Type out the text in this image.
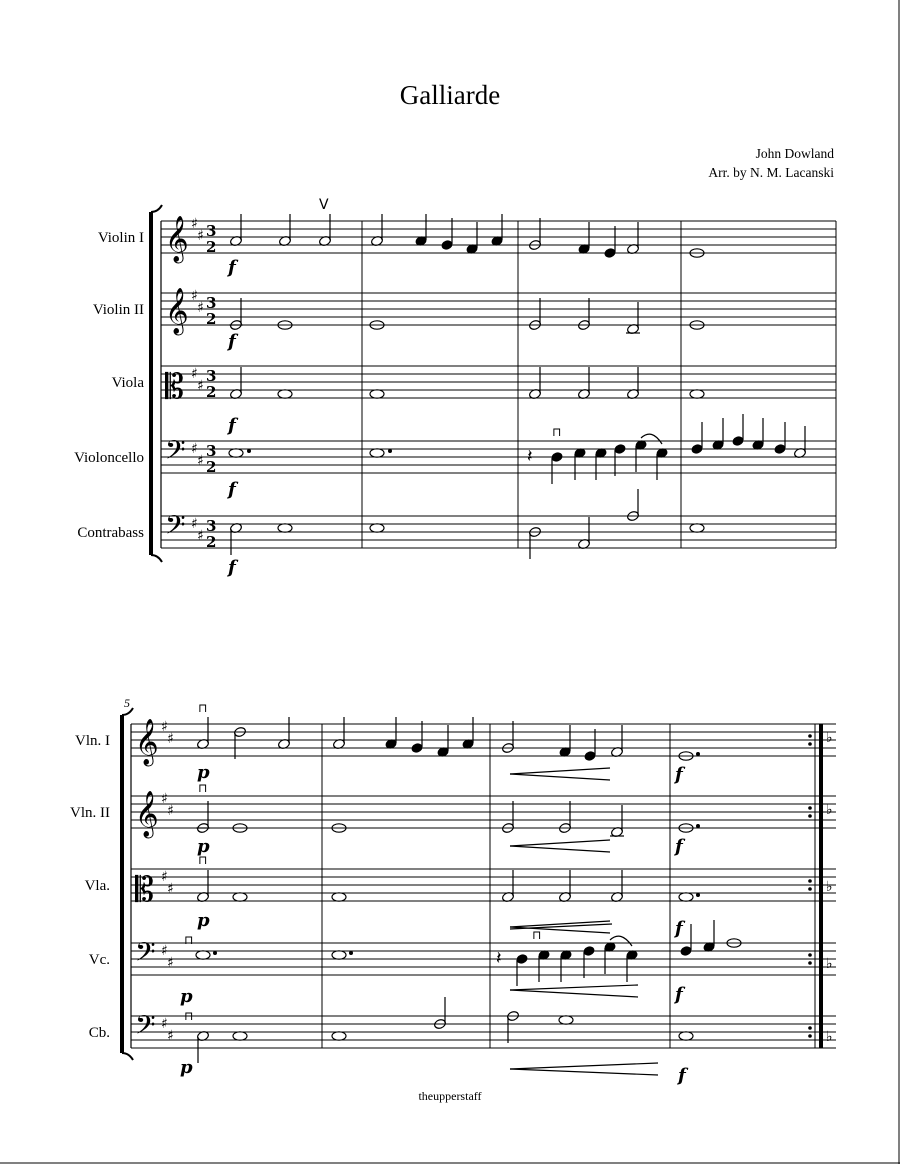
Galliarde
John Dowland
Arr. by N. M. Lacanski
𝄞
𝄞
𝄡
𝄢
𝄢
♯
♯
♯
♯
♯
♯
♯
♯
♯
♯
3
2
3
2
3
2
3
2
3
2
V
𝄽
⊓
f
f
f
f
f
Violin I
Violin II
Viola
Violoncello
Contrabass
5
♭
♭
♭
♭
♭
𝄞
𝄞
𝄡
𝄢
𝄢
♯
♯
♯
♯
♯
♯
♯
♯
♯
♯
⊓
⊓
⊓
𝄽
⊓
⊓
⊓
p	f
p	f
p	f
p	f
p	f
Vln. I
Vln. II
Vla.
Vc.
Cb.
theupperstaff
